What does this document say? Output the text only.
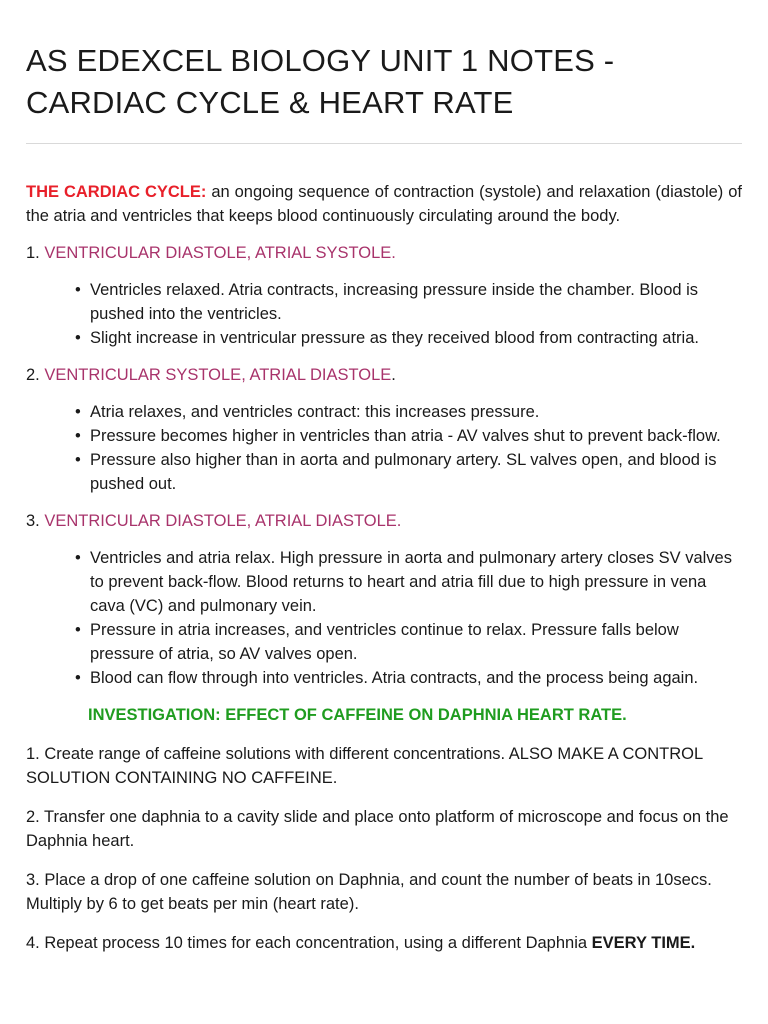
AS EDEXCEL BIOLOGY UNIT 1 NOTES -
CARDIAC CYCLE & HEART RATE

THE CARDIAC CYCLE: an ongoing sequence of contraction (systole) and relaxation (diastole) of the atria and ventricles that keeps blood continuously circulating around the body.

1. VENTRICULAR DIASTOLE, ATRIAL SYSTOLE.

• Ventricles relaxed. Atria contracts, increasing pressure inside the chamber. Blood is pushed into the ventricles.
• Slight increase in ventricular pressure as they received blood from contracting atria.

2. VENTRICULAR SYSTOLE, ATRIAL DIASTOLE.

• Atria relaxes, and ventricles contract: this increases pressure.
• Pressure becomes higher in ventricles than atria - AV valves shut to prevent back-flow.
• Pressure also higher than in aorta and pulmonary artery. SL valves open, and blood is pushed out.

3. VENTRICULAR DIASTOLE, ATRIAL DIASTOLE.

• Ventricles and atria relax. High pressure in aorta and pulmonary artery closes SV valves to prevent back-flow. Blood returns to heart and atria fill due to high pressure in vena cava (VC) and pulmonary vein.
• Pressure in atria increases, and ventricles continue to relax. Pressure falls below pressure of atria, so AV valves open.
• Blood can flow through into ventricles. Atria contracts, and the process being again.

INVESTIGATION: EFFECT OF CAFFEINE ON DAPHNIA HEART RATE.

1. Create range of caffeine solutions with different concentrations. ALSO MAKE A CONTROL SOLUTION CONTAINING NO CAFFEINE.

2. Transfer one daphnia to a cavity slide and place onto platform of microscope and focus on the Daphnia heart.

3. Place a drop of one caffeine solution on Daphnia, and count the number of beats in 10secs. Multiply by 6 to get beats per min (heart rate).

4. Repeat process 10 times for each concentration, using a different Daphnia EVERY TIME.
